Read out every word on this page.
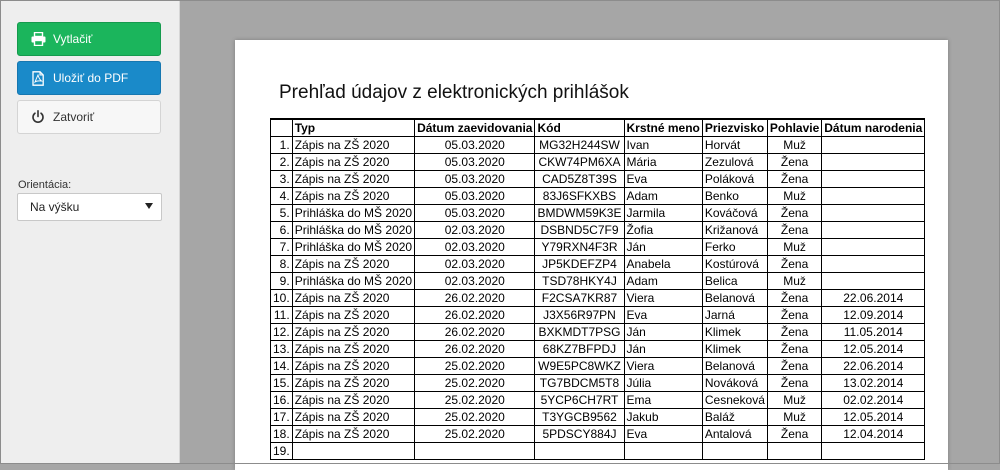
Vytlačiť
Uložiť do PDF
Zatvoriť
Orientácia:
Na výšku
Prehľad údajov z elektronických prihlášok
	Typ	Dátum zaevidovania	Kód	Krstné meno	Priezvisko	Pohlavie	Dátum narodenia
1.	Zápis na ZŠ 2020	05.03.2020	MG32H244SW	Ivan	Horvát	Muž	
2.	Zápis na ZŠ 2020	05.03.2020	CKW74PM6XA	Mária	Zezulová	Žena	
3.	Zápis na ZŠ 2020	05.03.2020	CAD5Z8T39S	Eva	Poláková	Žena	
4.	Zápis na ZŠ 2020	05.03.2020	83J6SFKXBS	Adam	Benko	Muž	
5.	Prihláška do MŠ 2020	05.03.2020	BMDWM59K3E	Jarmila	Kováčová	Žena	
6.	Prihláška do MŠ 2020	02.03.2020	DSBND5C7F9	Žofia	Križanová	Žena	
7.	Prihláška do MŠ 2020	02.03.2020	Y79RXN4F3R	Ján	Ferko	Muž	
8.	Zápis na ZŠ 2020	02.03.2020	JP5KDEFZP4	Anabela	Kostúrová	Žena	
9.	Prihláška do MŠ 2020	02.03.2020	TSD78HKY4J	Adam	Belica	Muž	
10.	Zápis na ZŠ 2020	26.02.2020	F2CSA7KR87	Viera	Belanová	Žena	22.06.2014
11.	Zápis na ZŠ 2020	26.02.2020	J3X56R97PN	Eva	Jarná	Žena	12.09.2014
12.	Zápis na ZŠ 2020	26.02.2020	BXKMDT7PSG	Ján	Klimek	Žena	11.05.2014
13.	Zápis na ZŠ 2020	26.02.2020	68KZ7BFPDJ	Ján	Klimek	Žena	12.05.2014
14.	Zápis na ZŠ 2020	25.02.2020	W9E5PC8WKZ	Viera	Belanová	Žena	22.06.2014
15.	Zápis na ZŠ 2020	25.02.2020	TG7BDCM5T8	Júlia	Nováková	Žena	13.02.2014
16.	Zápis na ZŠ 2020	25.02.2020	5YCP6CH7RT	Ema	Cesneková	Muž	02.02.2014
17.	Zápis na ZŠ 2020	25.02.2020	T3YGCB9562	Jakub	Baláž	Muž	12.05.2014
18.	Zápis na ZŠ 2020	25.02.2020	5PDSCY884J	Eva	Antalová	Žena	12.04.2014
19.							
